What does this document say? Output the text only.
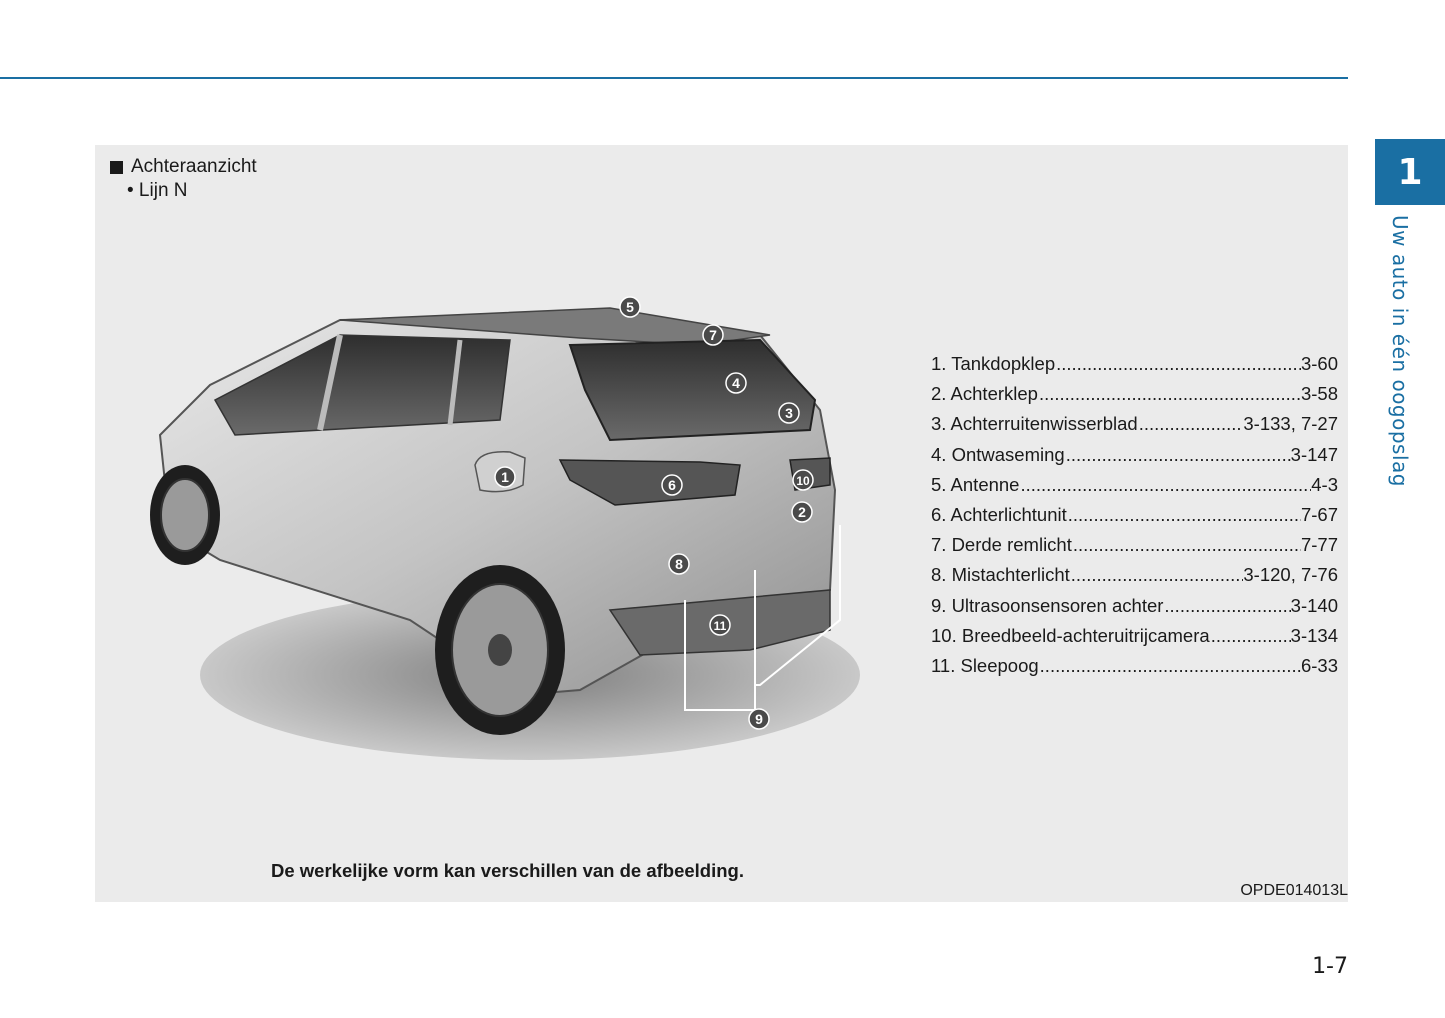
1
Uw auto in één oogopslag
Achteraanzicht
• Lijn N
5
7
4
3
1	6	10
2
8
11
9
1. Tankdopklep .....	3-60
2. Achterklep .....	3-58
3. Achterruitenwisserblad .....	3-133, 7-27
4. Ontwaseming .....	3-147
5. Antenne .....	4-3
6. Achterlichtunit .....	7-67
7. Derde remlicht .....	7-77
8. Mistachterlicht .....	3-120, 7-76
9. Ultrasoonsensoren achter .....	3-140
10. Breedbeeld-achteruitrijcamera .....	3-134
11. Sleepoog .....	6-33
De werkelijke vorm kan verschillen van de afbeelding.
OPDE014013L
1-7
